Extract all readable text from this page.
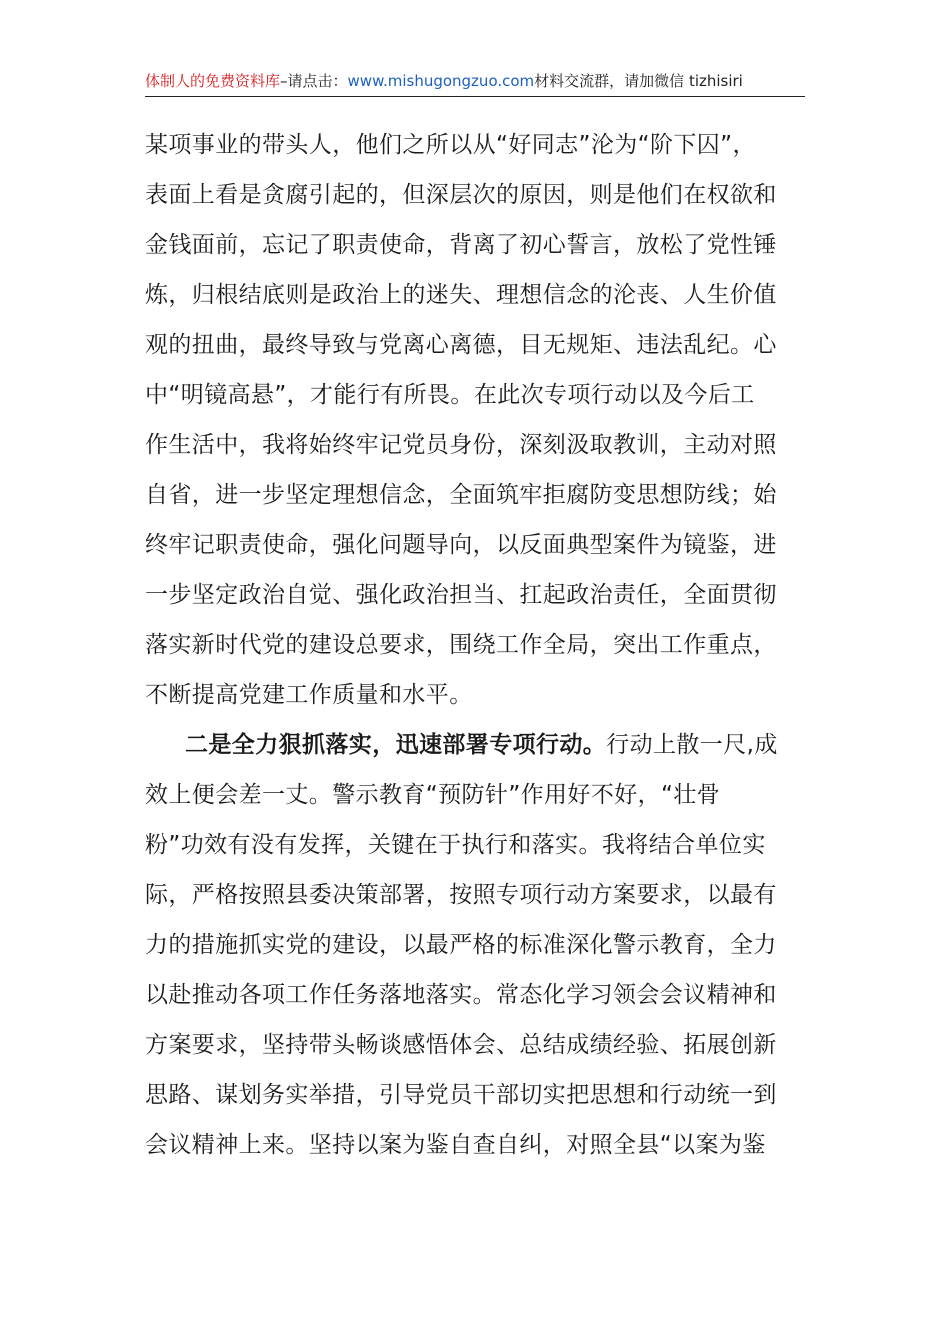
体制人的免费资料库–请点击：www.mishugongzuo.com材料交流群，请加微信 tizhisiri
某项事业的带头人，他们之所以从“好同志”沦为“阶下囚”，
表面上看是贪腐引起的，但深层次的原因，则是他们在权欲和
金钱面前，忘记了职责使命，背离了初心誓言，放松了党性锤
炼，归根结底则是政治上的迷失、理想信念的沦丧、人生价值
观的扭曲，最终导致与党离心离德，目无规矩、违法乱纪。心
中“明镜高悬”，才能行有所畏。在此次专项行动以及今后工
作生活中，我将始终牢记党员身份，深刻汲取教训，主动对照
自省，进一步坚定理想信念，全面筑牢拒腐防变思想防线；始
终牢记职责使命，强化问题导向，以反面典型案件为镜鉴，进
一步坚定政治自觉、强化政治担当、扛起政治责任，全面贯彻
落实新时代党的建设总要求，围绕工作全局，突出工作重点，
不断提高党建工作质量和水平。
二是全力狠抓落实，迅速部署专项行动。行动上散一尺,成
效上便会差一丈。警示教育“预防针”作用好不好，“壮骨
粉”功效有没有发挥，关键在于执行和落实。我将结合单位实
际，严格按照县委决策部署，按照专项行动方案要求，以最有
力的措施抓实党的建设，以最严格的标准深化警示教育，全力
以赴推动各项工作任务落地落实。常态化学习领会会议精神和
方案要求，坚持带头畅谈感悟体会、总结成绩经验、拓展创新
思路、谋划务实举措，引导党员干部切实把思想和行动统一到
会议精神上来。坚持以案为鉴自查自纠，对照全县“以案为鉴
